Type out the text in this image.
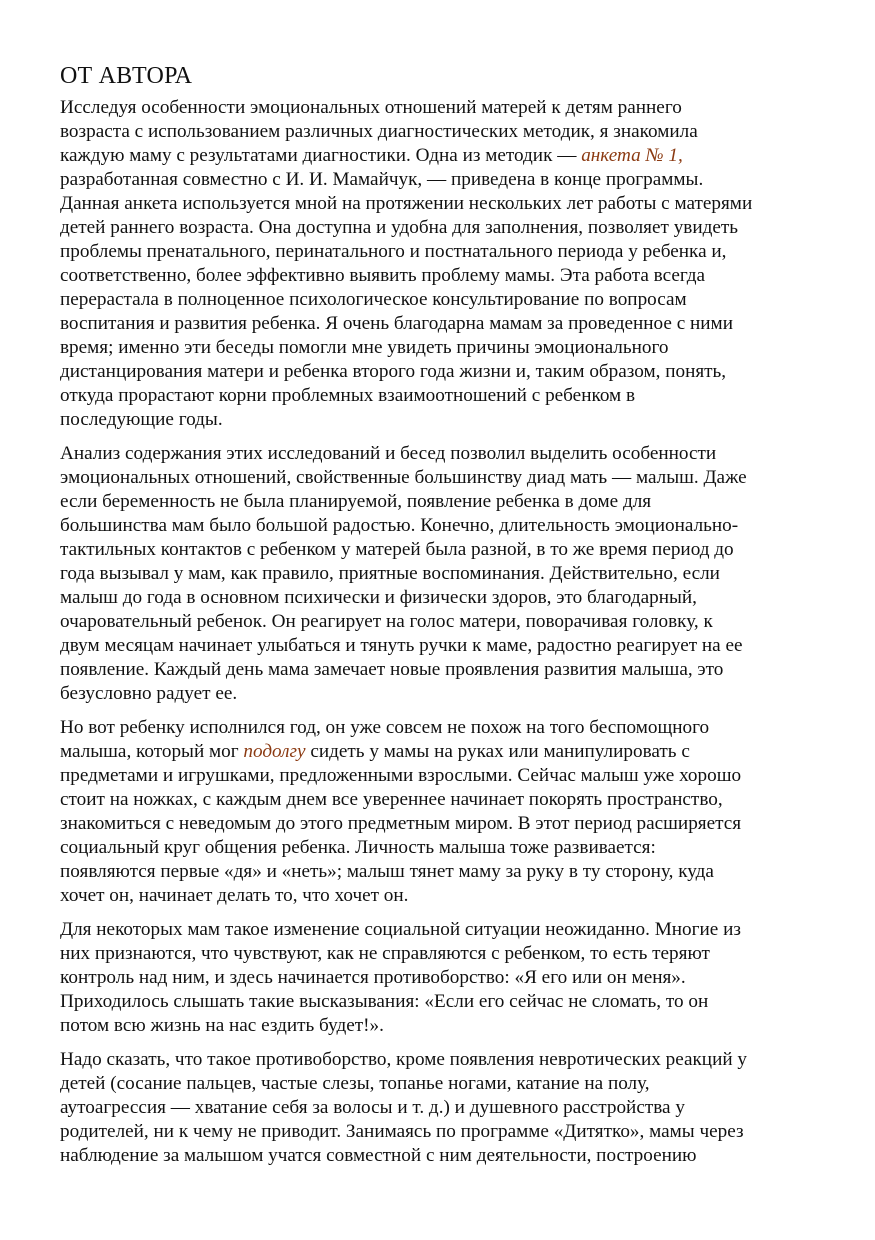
ОТ АВТОРА

Исследуя особенности эмоциональных отношений матерей к детям раннего
возраста с использованием различных диагностических методик, я знакомила
каждую маму с результатами диагностики. Одна из методик — анкета № 1,
разработанная совместно с И. И. Мамайчук, — приведена в конце программы.
Данная анкета используется мной на протяжении нескольких лет работы с матерями
детей раннего возраста. Она доступна и удобна для заполнения, позволяет увидеть
проблемы пренатального, перинатального и постнатального периода у ребенка и,
соответственно, более эффективно выявить проблему мамы. Эта работа всегда
перерастала в полноценное психологическое консультирование по вопросам
воспитания и развития ребенка. Я очень благодарна мамам за проведенное с ними
время; именно эти беседы помогли мне увидеть причины эмоционального
дистанцирования матери и ребенка второго года жизни и, таким образом, понять,
откуда прорастают корни проблемных взаимоотношений с ребенком в
последующие годы.

Анализ содержания этих исследований и бесед позволил выделить особенности
эмоциональных отношений, свойственные большинству диад мать — малыш. Даже
если беременность не была планируемой, появление ребенка в доме для
большинства мам было большой радостью. Конечно, длительность эмоционально-
тактильных контактов с ребенком у матерей была разной, в то же время период до
года вызывал у мам, как правило, приятные воспоминания. Действительно, если
малыш до года в основном психически и физически здоров, это благодарный,
очаровательный ребенок. Он реагирует на голос матери, поворачивая головку, к
двум месяцам начинает улыбаться и тянуть ручки к маме, радостно реагирует на ее
появление. Каждый день мама замечает новые проявления развития малыша, это
безусловно радует ее.

Но вот ребенку исполнился год, он уже совсем не похож на того беспомощного
малыша, который мог подолгу сидеть у мамы на руках или манипулировать с
предметами и игрушками, предложенными взрослыми. Сейчас малыш уже хорошо
стоит на ножках, с каждым днем все увереннее начинает покорять пространство,
знакомиться с неведомым до этого предметным миром. В этот период расширяется
социальный круг общения ребенка. Личность малыша тоже развивается:
появляются первые «дя» и «неть»; малыш тянет маму за руку в ту сторону, куда
хочет он, начинает делать то, что хочет он.

Для некоторых мам такое изменение социальной ситуации неожиданно. Многие из
них признаются, что чувствуют, как не справляются с ребенком, то есть теряют
контроль над ним, и здесь начинается противоборство: «Я его или он меня».
Приходилось слышать такие высказывания: «Если его сейчас не сломать, то он
потом всю жизнь на нас ездить будет!».

Надо сказать, что такое противоборство, кроме появления невротических реакций у
детей (сосание пальцев, частые слезы, топанье ногами, катание на полу,
аутоагрессия — хватание себя за волосы и т. д.) и душевного расстройства у
родителей, ни к чему не приводит. Занимаясь по программе «Дитятко», мамы через
наблюдение за малышом учатся совместной с ним деятельности, построению
